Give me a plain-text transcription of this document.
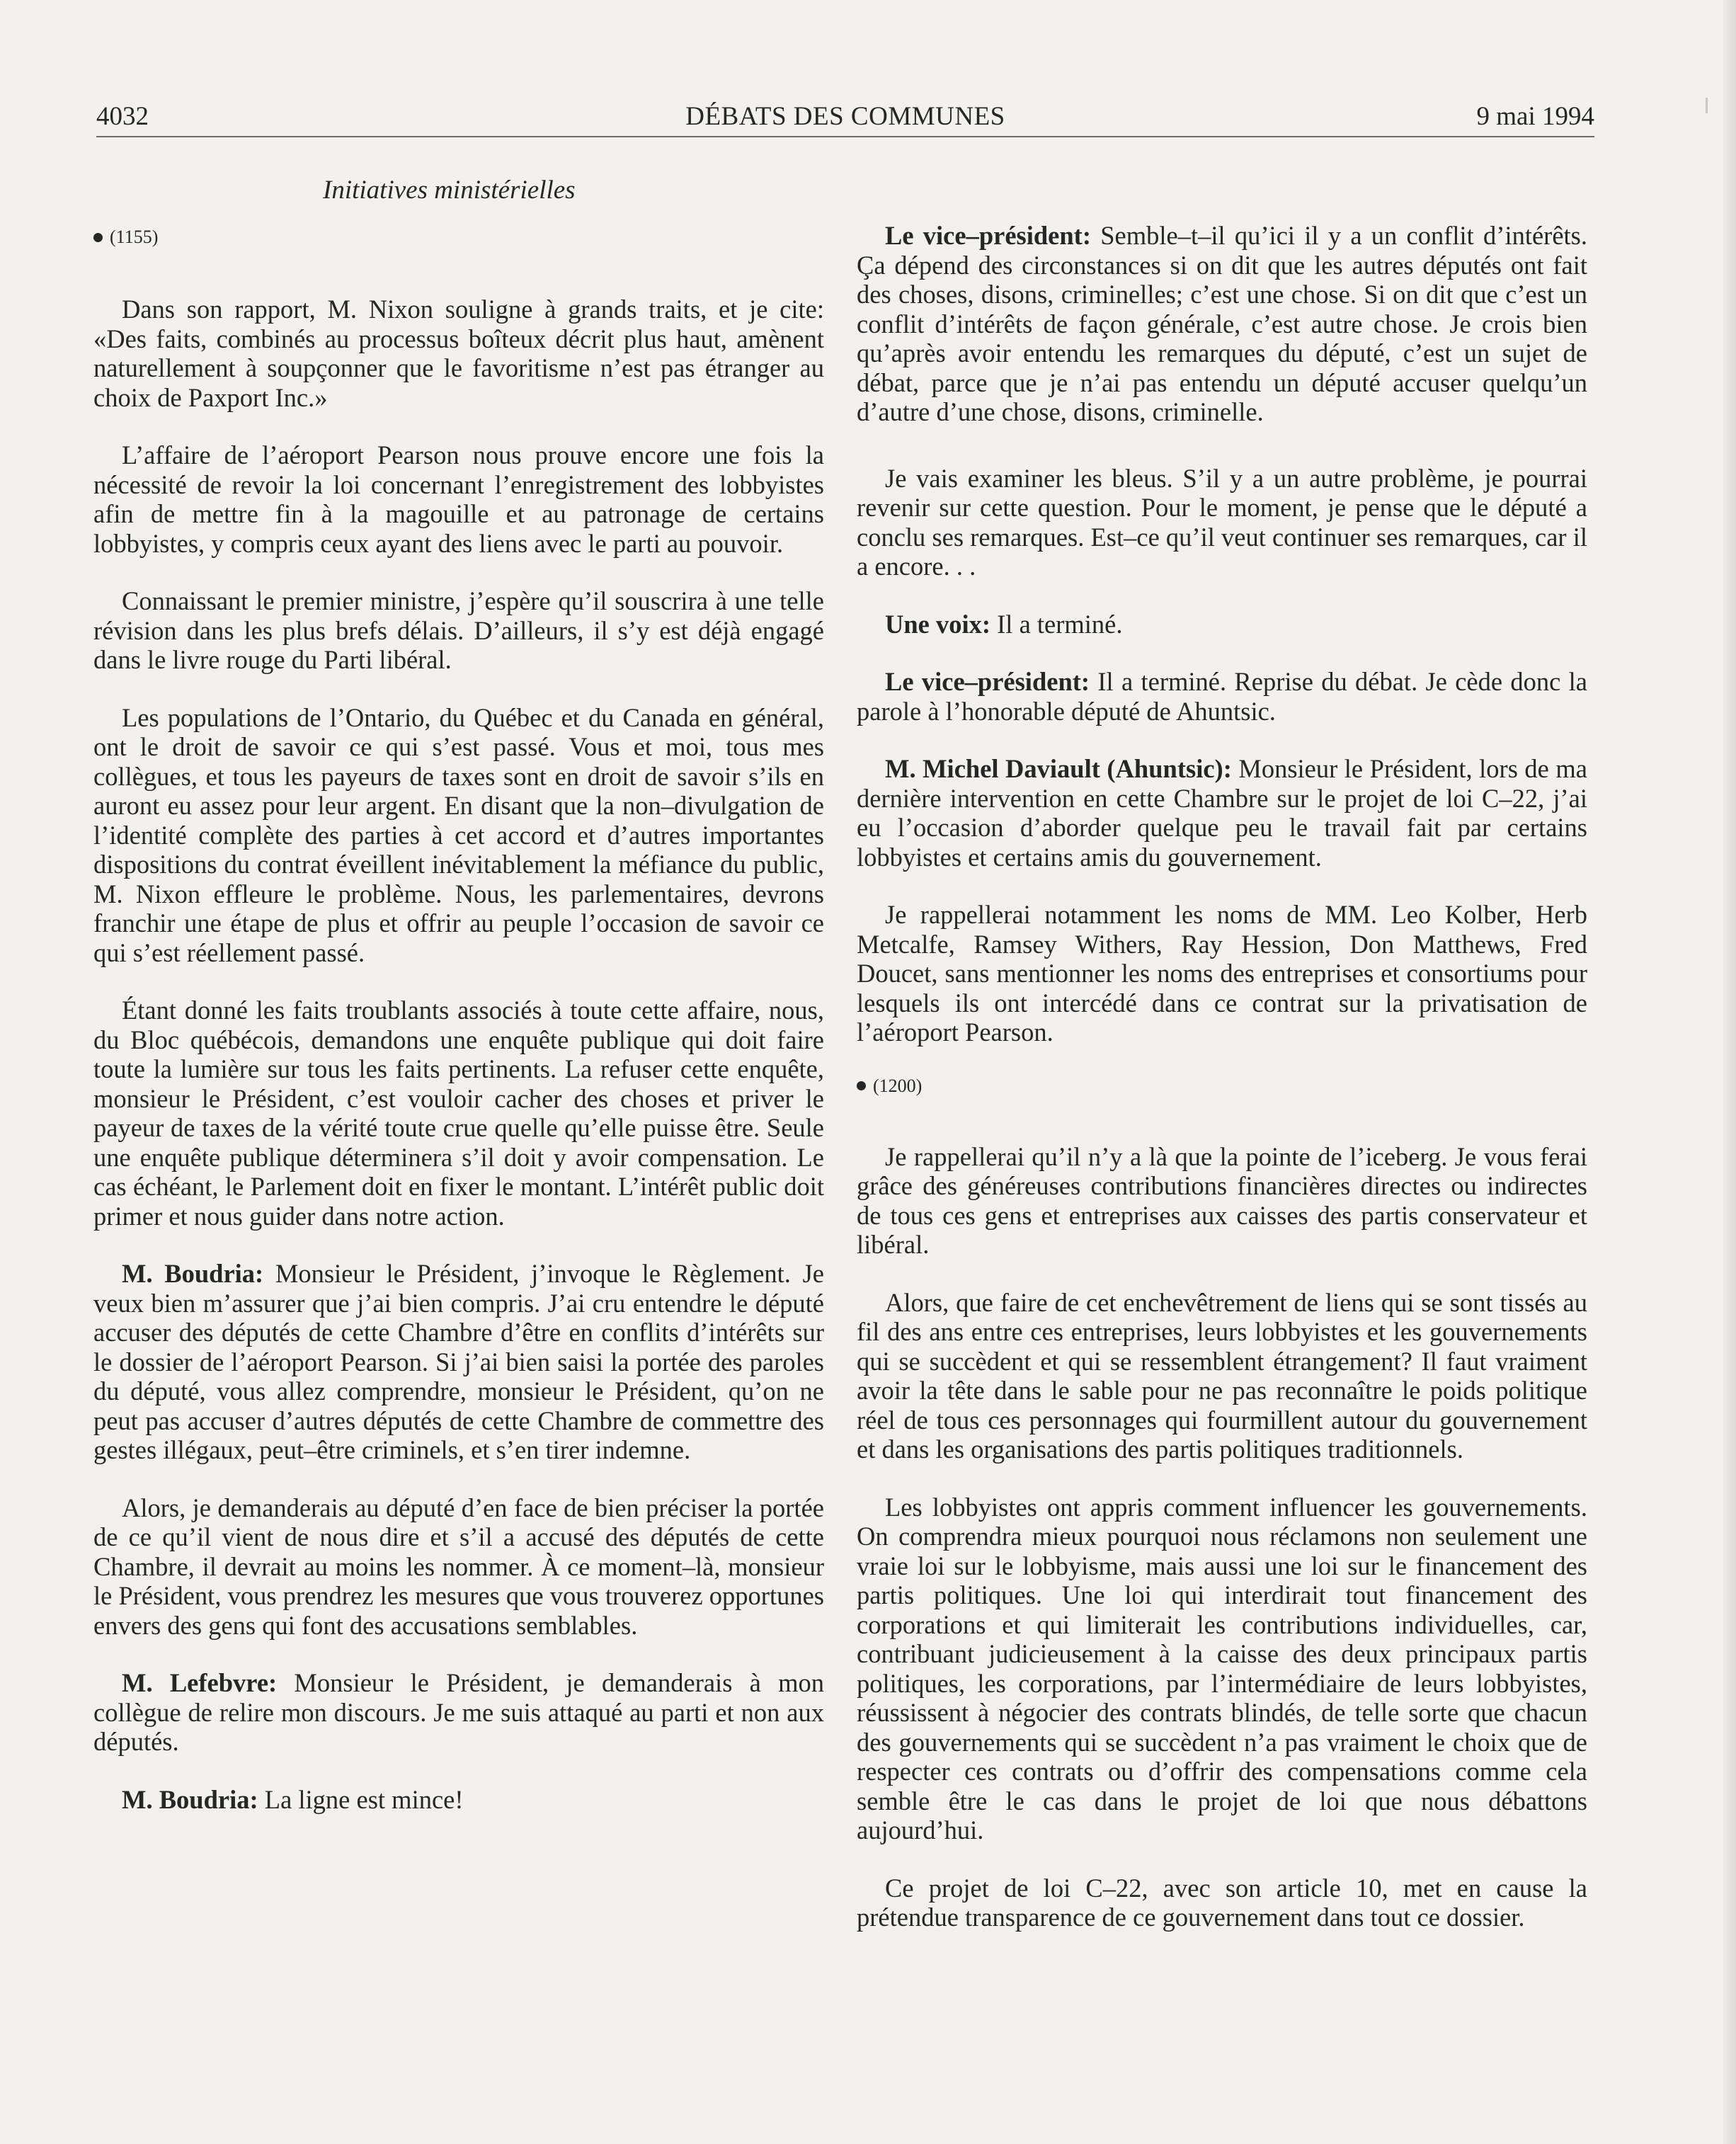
4032	DÉBATS DES COMMUNES	9 mai 1994
Initiatives ministérielles
(1155)

Dans son rapport, M. Nixon souligne à grands traits, et je cite: «Des faits, combinés au processus boîteux décrit plus haut, amènent naturellement à soupçonner que le favoritisme n’est pas étranger au choix de Paxport Inc.»

L’affaire de l’aéroport Pearson nous prouve encore une fois la nécessité de revoir la loi concernant l’enregistrement des lobbyistes afin de mettre fin à la magouille et au patronage de certains lobbyistes, y compris ceux ayant des liens avec le parti au pouvoir.

Connaissant le premier ministre, j’espère qu’il souscrira à une telle révision dans les plus brefs délais. D’ailleurs, il s’y est déjà engagé dans le livre rouge du Parti libéral.

Les populations de l’Ontario, du Québec et du Canada en général, ont le droit de savoir ce qui s’est passé. Vous et moi, tous mes collègues, et tous les payeurs de taxes sont en droit de savoir s’ils en auront eu assez pour leur argent. En disant que la non–divulgation de l’identité complète des parties à cet accord et d’autres importantes dispositions du contrat éveillent inévitablement la méfiance du public, M. Nixon effleure le problème. Nous, les parlementaires, devrons franchir une étape de plus et offrir au peuple l’occasion de savoir ce qui s’est réellement passé.

Étant donné les faits troublants associés à toute cette affaire, nous, du Bloc québécois, demandons une enquête publique qui doit faire toute la lumière sur tous les faits pertinents. La refuser cette enquête, monsieur le Président, c’est vouloir cacher des choses et priver le payeur de taxes de la vérité toute crue quelle qu’elle puisse être. Seule une enquête publique déterminera s’il doit y avoir compensation. Le cas échéant, le Parlement doit en fixer le montant. L’intérêt public doit primer et nous guider dans notre action.

M. Boudria: Monsieur le Président, j’invoque le Règlement. Je veux bien m’assurer que j’ai bien compris. J’ai cru entendre le député accuser des députés de cette Chambre d’être en conflits d’intérêts sur le dossier de l’aéroport Pearson. Si j’ai bien saisi la portée des paroles du député, vous allez comprendre, monsieur le Président, qu’on ne peut pas accuser d’autres députés de cette Chambre de commettre des gestes illégaux, peut–être criminels, et s’en tirer indemne.

Alors, je demanderais au député d’en face de bien préciser la portée de ce qu’il vient de nous dire et s’il a accusé des députés de cette Chambre, il devrait au moins les nommer. À ce moment–là, monsieur le Président, vous prendrez les mesures que vous trouverez opportunes envers des gens qui font des accusations semblables.

M. Lefebvre: Monsieur le Président, je demanderais à mon collègue de relire mon discours. Je me suis attaqué au parti et non aux députés.

M. Boudria: La ligne est mince!

Le vice–président: Semble–t–il qu’ici il y a un conflit d’intérêts. Ça dépend des circonstances si on dit que les autres députés ont fait des choses, disons, criminelles; c’est une chose. Si on dit que c’est un conflit d’intérêts de façon générale, c’est autre chose. Je crois bien qu’après avoir entendu les remarques du député, c’est un sujet de débat, parce que je n’ai pas entendu un député accuser quelqu’un d’autre d’une chose, disons, criminelle.

Je vais examiner les bleus. S’il y a un autre problème, je pourrai revenir sur cette question. Pour le moment, je pense que le député a conclu ses remarques. Est–ce qu’il veut continuer ses remarques, car il a encore. . .

Une voix: Il a terminé.

Le vice–président: Il a terminé. Reprise du débat. Je cède donc la parole à l’honorable député de Ahuntsic.

M. Michel Daviault (Ahuntsic): Monsieur le Président, lors de ma dernière intervention en cette Chambre sur le projet de loi C–22, j’ai eu l’occasion d’aborder quelque peu le travail fait par certains lobbyistes et certains amis du gouvernement.

Je rappellerai notamment les noms de MM. Leo Kolber, Herb Metcalfe, Ramsey Withers, Ray Hession, Don Matthews, Fred Doucet, sans mentionner les noms des entreprises et consortiums pour lesquels ils ont intercédé dans ce contrat sur la privatisation de l’aéroport Pearson.

(1200)

Je rappellerai qu’il n’y a là que la pointe de l’iceberg. Je vous ferai grâce des généreuses contributions financières directes ou indirectes de tous ces gens et entreprises aux caisses des partis conservateur et libéral.

Alors, que faire de cet enchevêtrement de liens qui se sont tissés au fil des ans entre ces entreprises, leurs lobbyistes et les gouvernements qui se succèdent et qui se ressemblent étrangement? Il faut vraiment avoir la tête dans le sable pour ne pas reconnaître le poids politique réel de tous ces personnages qui fourmillent autour du gouvernement et dans les organisations des partis politiques traditionnels.

Les lobbyistes ont appris comment influencer les gouvernements. On comprendra mieux pourquoi nous réclamons non seulement une vraie loi sur le lobbyisme, mais aussi une loi sur le financement des partis politiques. Une loi qui interdirait tout financement des corporations et qui limiterait les contributions individuelles, car, contribuant judicieusement à la caisse des deux principaux partis politiques, les corporations, par l’intermédiaire de leurs lobbyistes, réussissent à négocier des contrats blindés, de telle sorte que chacun des gouvernements qui se succèdent n’a pas vraiment le choix que de respecter ces contrats ou d’offrir des compensations comme cela semble être le cas dans le projet de loi que nous débattons aujourd’hui.

Ce projet de loi C–22, avec son article 10, met en cause la prétendue transparence de ce gouvernement dans tout ce dossier.
